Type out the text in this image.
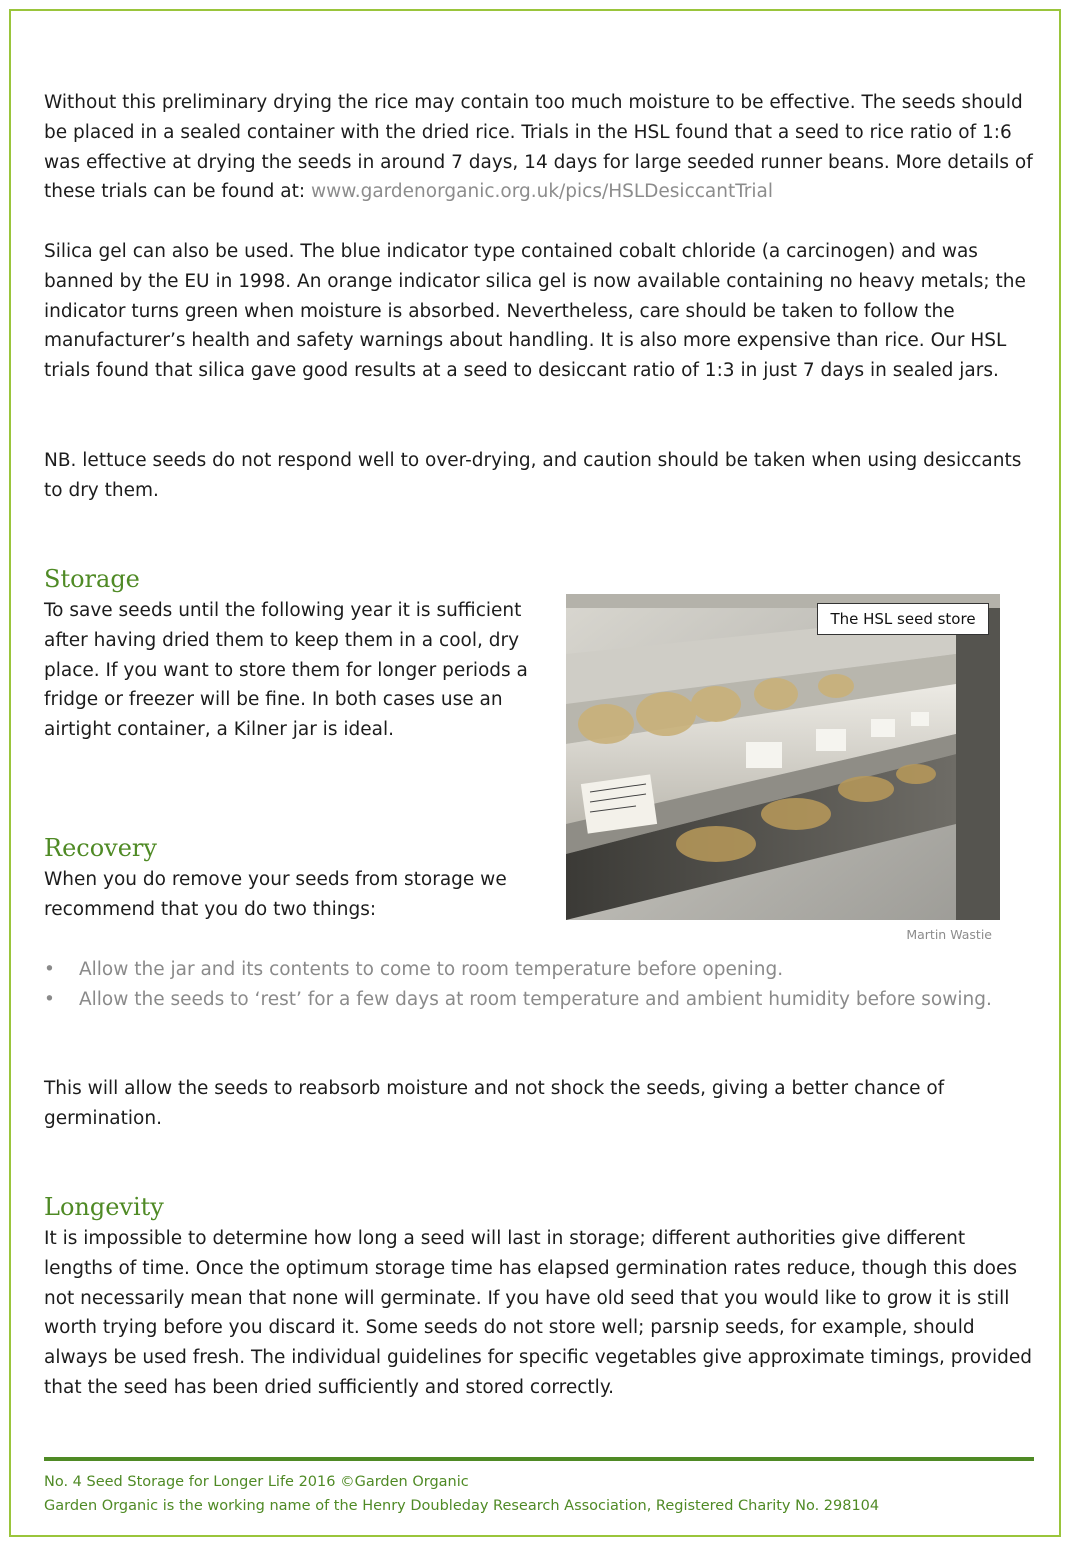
Without this preliminary drying the rice may contain too much moisture to be effective. The seeds should be placed in a sealed container with the dried rice. Trials in the HSL found that a seed to rice ratio of 1:6 was effective at drying the seeds in around 7 days, 14 days for large seeded runner beans. More details of these trials can be found at: www.gardenorganic.org.uk/pics/HSLDesiccantTrial

Silica gel can also be used. The blue indicator type contained cobalt chloride (a carcinogen) and was banned by the EU in 1998. An orange indicator silica gel is now available containing no heavy metals; the indicator turns green when moisture is absorbed. Nevertheless, care should be taken to follow the manufacturer’s health and safety warnings about handling. It is also more expensive than rice. Our HSL trials found that silica gave good results at a seed to desiccant ratio of 1:3 in just 7 days in sealed jars.

NB. lettuce seeds do not respond well to over-drying, and caution should be taken when using desiccants to dry them.

Storage

To save seeds until the following year it is sufficient after having dried them to keep them in a cool, dry place. If you want to store them for longer periods a fridge or freezer will be fine. In both cases use an airtight container, a Kilner jar is ideal.

The HSL seed store
Martin Wastie
Recovery

When you do remove your seeds from storage we recommend that you do two things:

• Allow the jar and its contents to come to room temperature before opening.
• Allow the seeds to ‘rest’ for a few days at room temperature and ambient humidity before sowing.

This will allow the seeds to reabsorb moisture and not shock the seeds, giving a better chance of germination.

Longevity

It is impossible to determine how long a seed will last in storage; different authorities give different lengths of time. Once the optimum storage time has elapsed germination rates reduce, though this does not necessarily mean that none will germinate. If you have old seed that you would like to grow it is still worth trying before you discard it. Some seeds do not store well; parsnip seeds, for example, should always be used fresh. The individual guidelines for specific vegetables give approximate timings, provided that the seed has been dried sufficiently and stored correctly.

No. 4 Seed Storage for Longer Life 2016 ©Garden Organic
Garden Organic is the working name of the Henry Doubleday Research Association, Registered Charity No. 298104
